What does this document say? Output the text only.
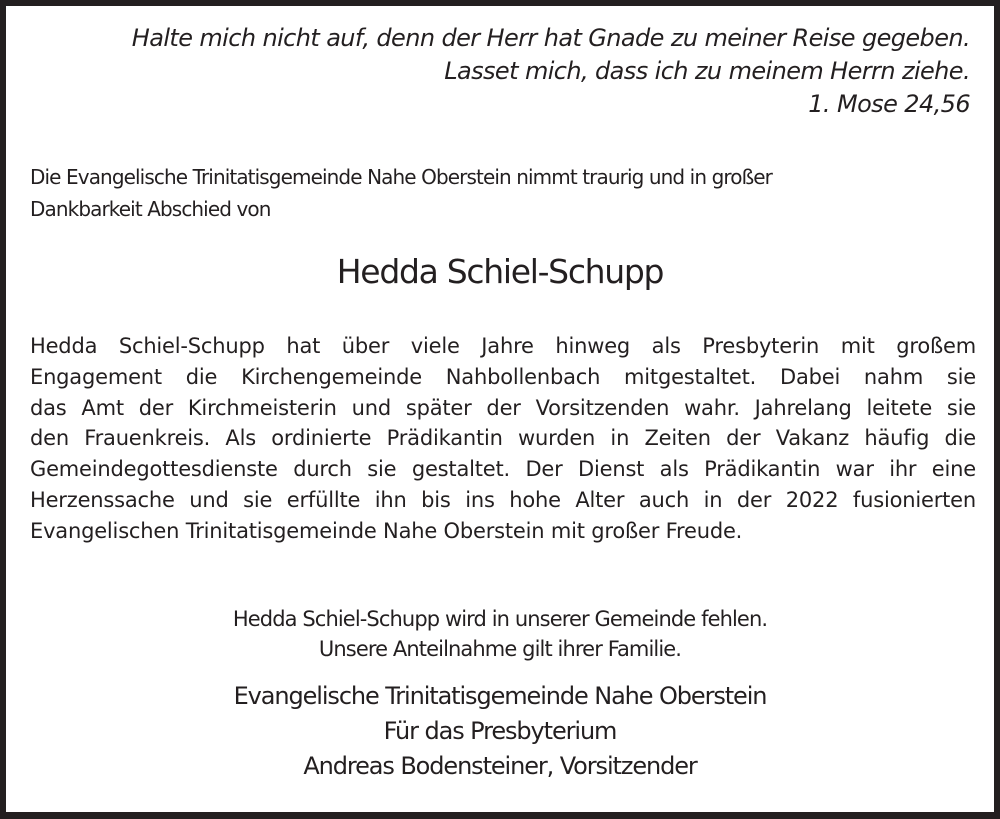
Halte mich nicht auf, denn der Herr hat Gnade zu meiner Reise gegeben.
Lasset mich, dass ich zu meinem Herrn ziehe.
1. Mose 24,56
Die Evangelische Trinitatisgemeinde Nahe Oberstein nimmt traurig und in großer
Dankbarkeit Abschied von
Hedda Schiel-Schupp
Hedda Schiel-Schupp hat über viele Jahre hinweg als Presbyterin mit großem
Engagement die Kirchengemeinde Nahbollenbach mitgestaltet. Dabei nahm sie
das Amt der Kirchmeisterin und später der Vorsitzenden wahr. Jahrelang leitete sie
den Frauenkreis. Als ordinierte Prädikantin wurden in Zeiten der Vakanz häufig die
Gemeindegottesdienste durch sie gestaltet. Der Dienst als Prädikantin war ihr eine
Herzenssache und sie erfüllte ihn bis ins hohe Alter auch in der 2022 fusionierten
Evangelischen Trinitatisgemeinde Nahe Oberstein mit großer Freude.
Hedda Schiel-Schupp wird in unserer Gemeinde fehlen.
Unsere Anteilnahme gilt ihrer Familie.
Evangelische Trinitatisgemeinde Nahe Oberstein
Für das Presbyterium
Andreas Bodensteiner, Vorsitzender
